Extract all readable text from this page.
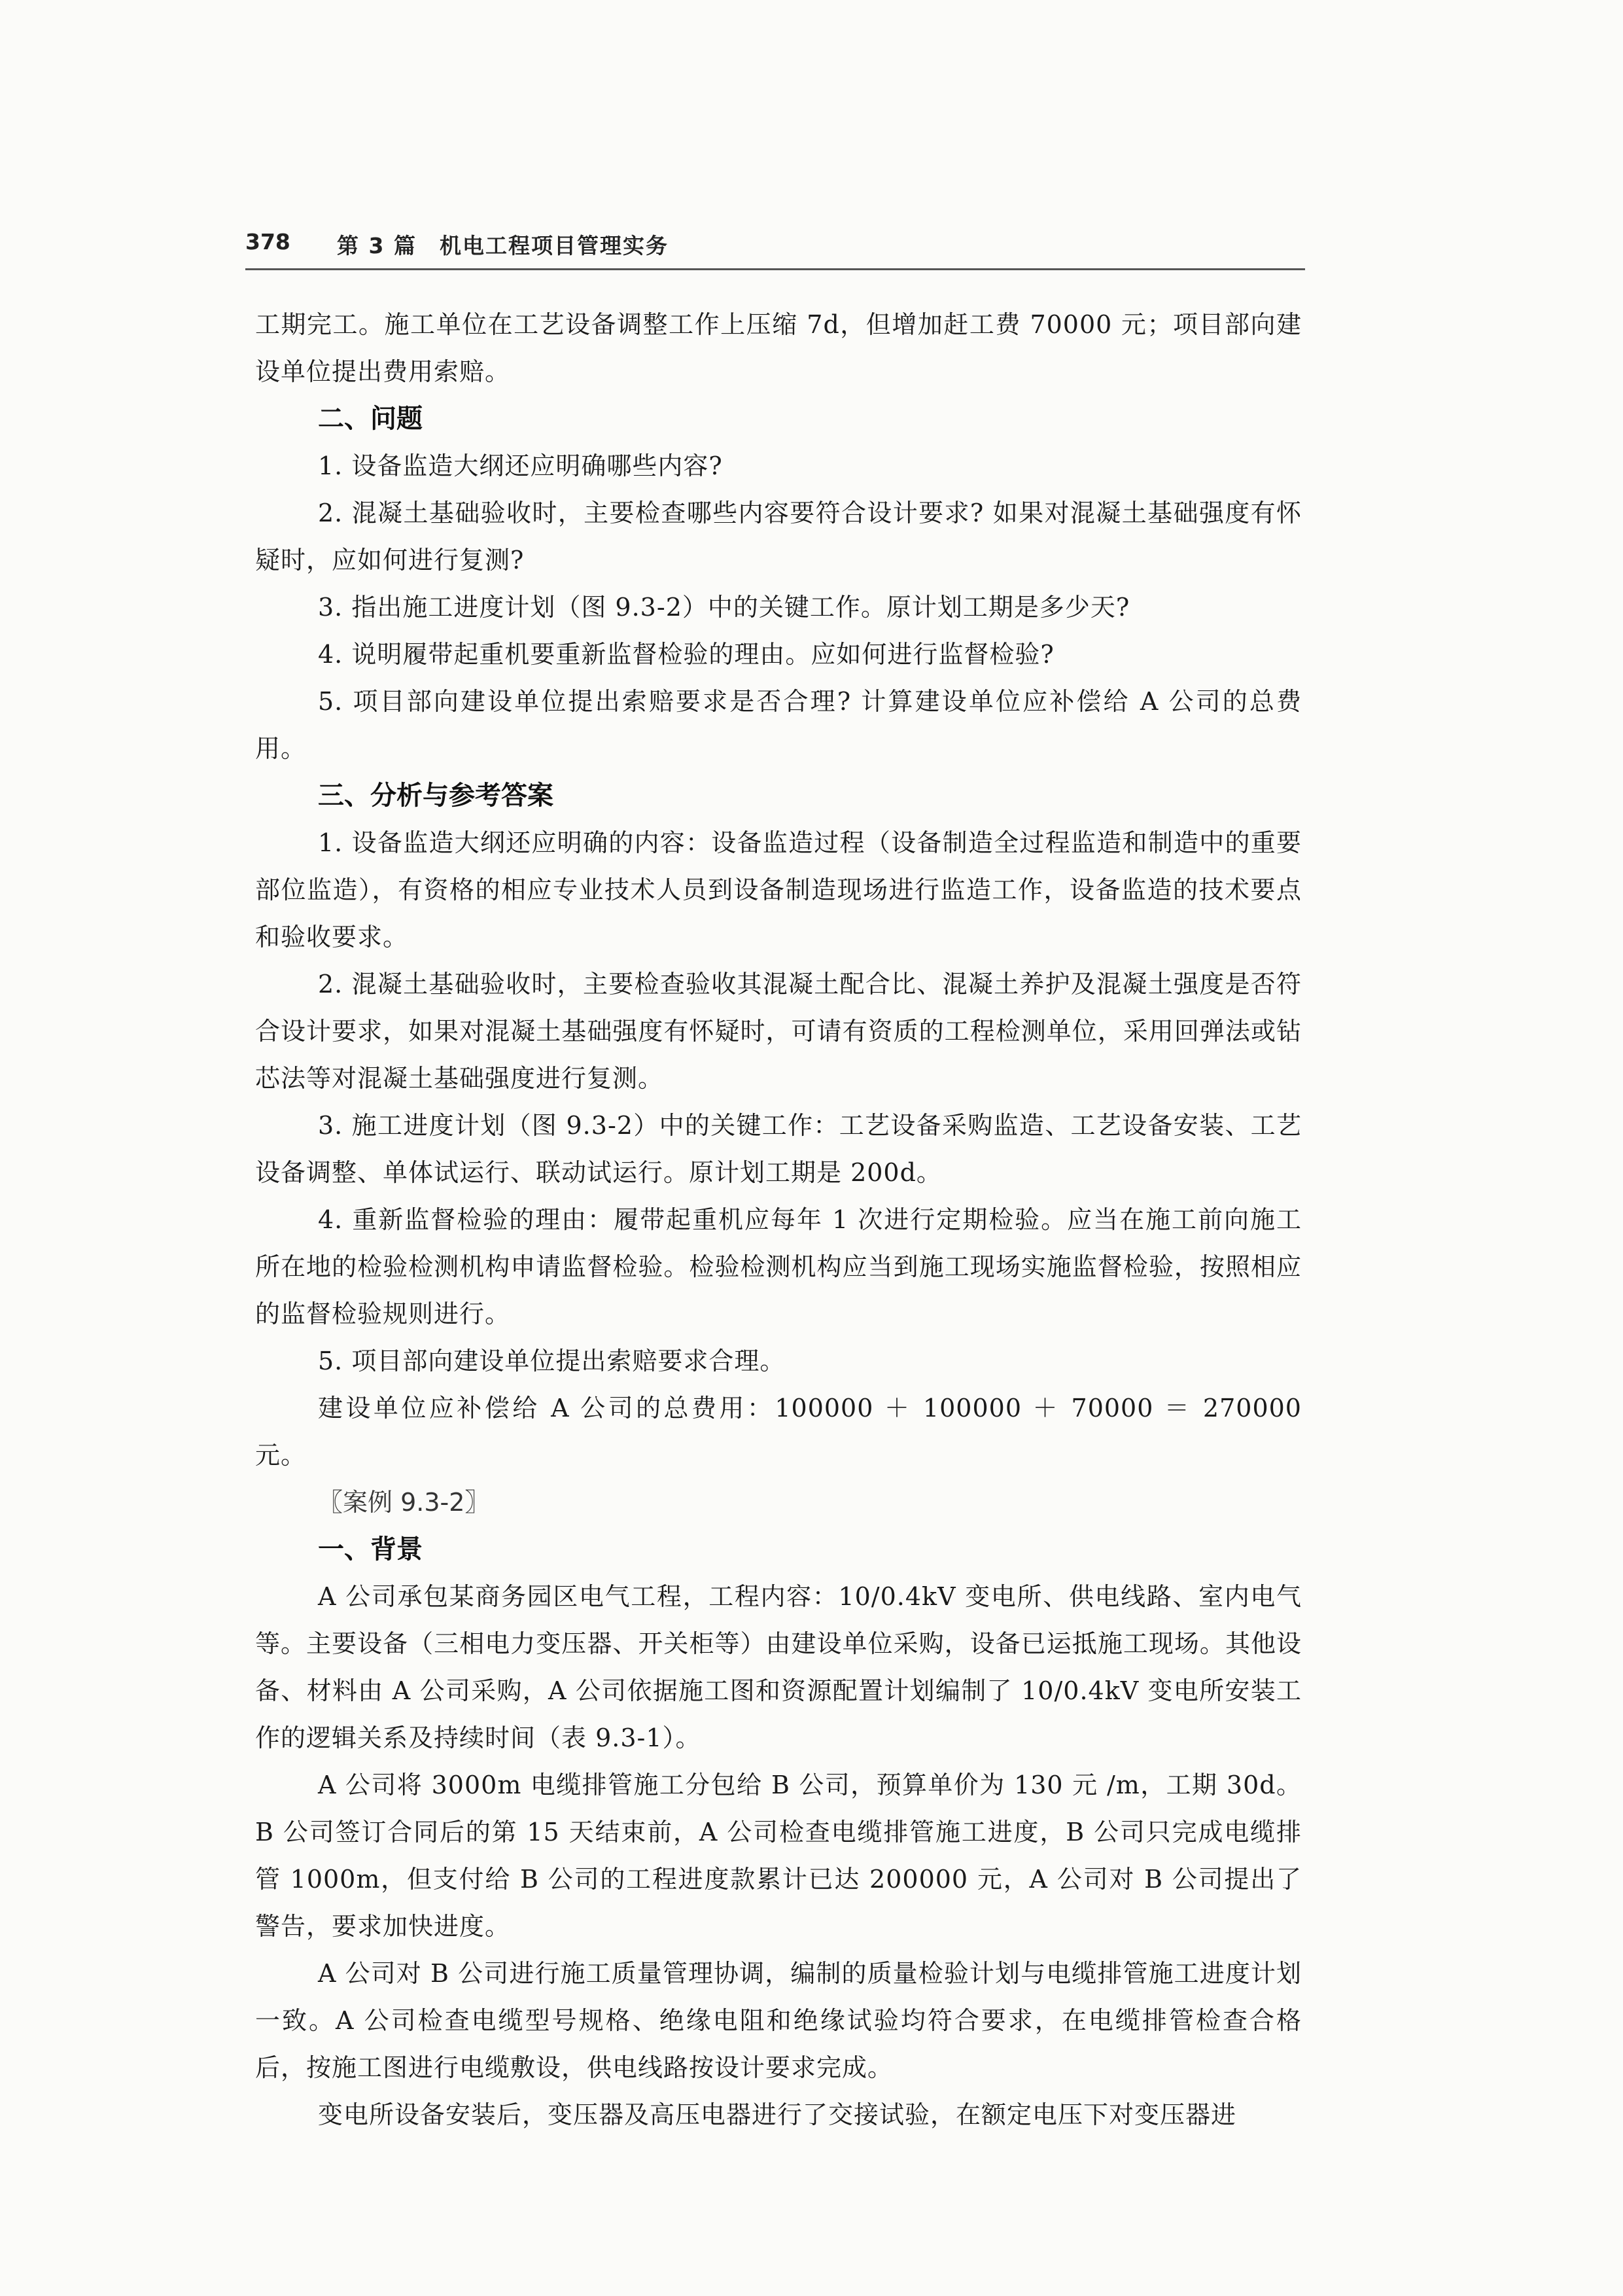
378 第 3 篇　机电工程项目管理实务

工期完工。施工单位在工艺设备调整工作上压缩 7d，但增加赶工费 70000 元；项目部向建设单位提出费用索赔。

二、问题

1. 设备监造大纲还应明确哪些内容?

2. 混凝土基础验收时，主要检查哪些内容要符合设计要求? 如果对混凝土基础强度有怀疑时，应如何进行复测?

3. 指出施工进度计划（图 9.3-2）中的关键工作。原计划工期是多少天?

4. 说明履带起重机要重新监督检验的理由。应如何进行监督检验?

5. 项目部向建设单位提出索赔要求是否合理? 计算建设单位应补偿给 A 公司的总费用。

三、分析与参考答案

1. 设备监造大纲还应明确的内容：设备监造过程（设备制造全过程监造和制造中的重要部位监造），有资格的相应专业技术人员到设备制造现场进行监造工作，设备监造的技术要点和验收要求。

2. 混凝土基础验收时，主要检查验收其混凝土配合比、混凝土养护及混凝土强度是否符合设计要求，如果对混凝土基础强度有怀疑时，可请有资质的工程检测单位，采用回弹法或钻芯法等对混凝土基础强度进行复测。

3. 施工进度计划（图 9.3-2）中的关键工作：工艺设备采购监造、工艺设备安装、工艺设备调整、单体试运行、联动试运行。原计划工期是 200d。

4. 重新监督检验的理由：履带起重机应每年 1 次进行定期检验。应当在施工前向施工所在地的检验检测机构申请监督检验。检验检测机构应当到施工现场实施监督检验，按照相应的监督检验规则进行。

5. 项目部向建设单位提出索赔要求合理。

建设单位应补偿给 A 公司的总费用：100000 ＋ 100000 ＋ 70000 ＝ 270000 元。

〖案例 9.3-2〗

一、背景

A 公司承包某商务园区电气工程，工程内容：10/0.4kV 变电所、供电线路、室内电气等。主要设备（三相电力变压器、开关柜等）由建设单位采购，设备已运抵施工现场。其他设备、材料由 A 公司采购，A 公司依据施工图和资源配置计划编制了 10/0.4kV 变电所安装工作的逻辑关系及持续时间（表 9.3-1）。

A 公司将 3000m 电缆排管施工分包给 B 公司，预算单价为 130 元 /m，工期 30d。B 公司签订合同后的第 15 天结束前，A 公司检查电缆排管施工进度，B 公司只完成电缆排管 1000m，但支付给 B 公司的工程进度款累计已达 200000 元，A 公司对 B 公司提出了警告，要求加快进度。

A 公司对 B 公司进行施工质量管理协调，编制的质量检验计划与电缆排管施工进度计划一致。A 公司检查电缆型号规格、绝缘电阻和绝缘试验均符合要求，在电缆排管检查合格后，按施工图进行电缆敷设，供电线路按设计要求完成。

变电所设备安装后，变压器及高压电器进行了交接试验，在额定电压下对变压器进
